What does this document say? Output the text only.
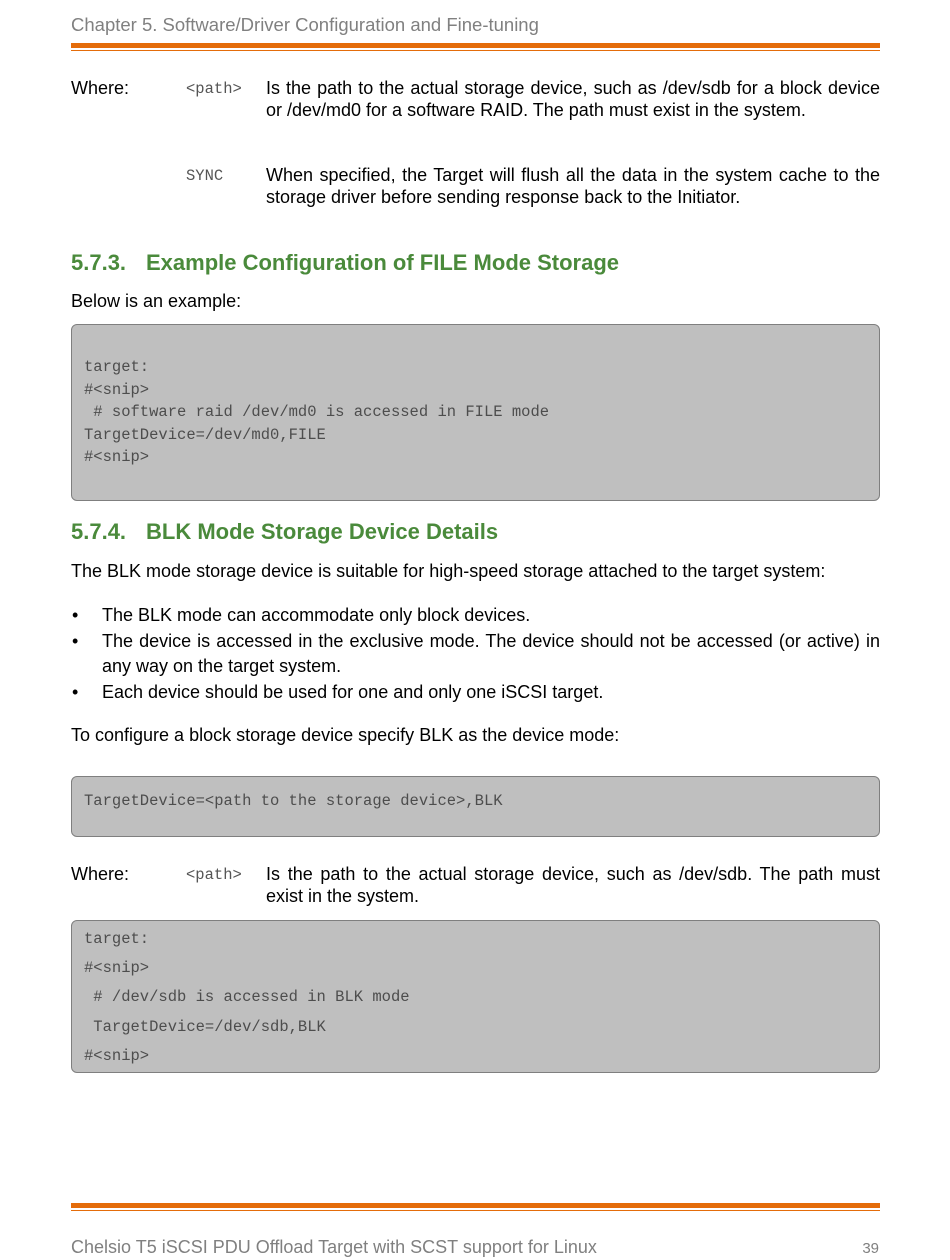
Chapter 5. Software/Driver Configuration and Fine-tuning
Where:	<path> Is the path to the actual storage device, such as /dev/sdb for a block device or /dev/md0 for a software RAID. The path must exist in the system.
SYNC When specified, the Target will flush all the data in the system cache to the storage driver before sending response back to the Initiator.
5.7.3. Example Configuration of FILE Mode Storage
Below is an example:
target:
#<snip>
# software raid /dev/md0 is accessed in FILE mode
TargetDevice=/dev/md0,FILE
#<snip>
5.7.4. BLK Mode Storage Device Details
The BLK mode storage device is suitable for high-speed storage attached to the target system:
• The BLK mode can accommodate only block devices.
• The device is accessed in the exclusive mode. The device should not be accessed (or active) in any way on the target system.
• Each device should be used for one and only one iSCSI target.
To configure a block storage device specify BLK as the device mode:
TargetDevice=<path to the storage device>,BLK
Where:	<path> Is the path to the actual storage device, such as /dev/sdb. The path must exist in the system.
target:
#<snip>
# /dev/sdb is accessed in BLK mode
TargetDevice=/dev/sdb,BLK
#<snip>
Chelsio T5 iSCSI PDU Offload Target with SCST support for Linux	39
